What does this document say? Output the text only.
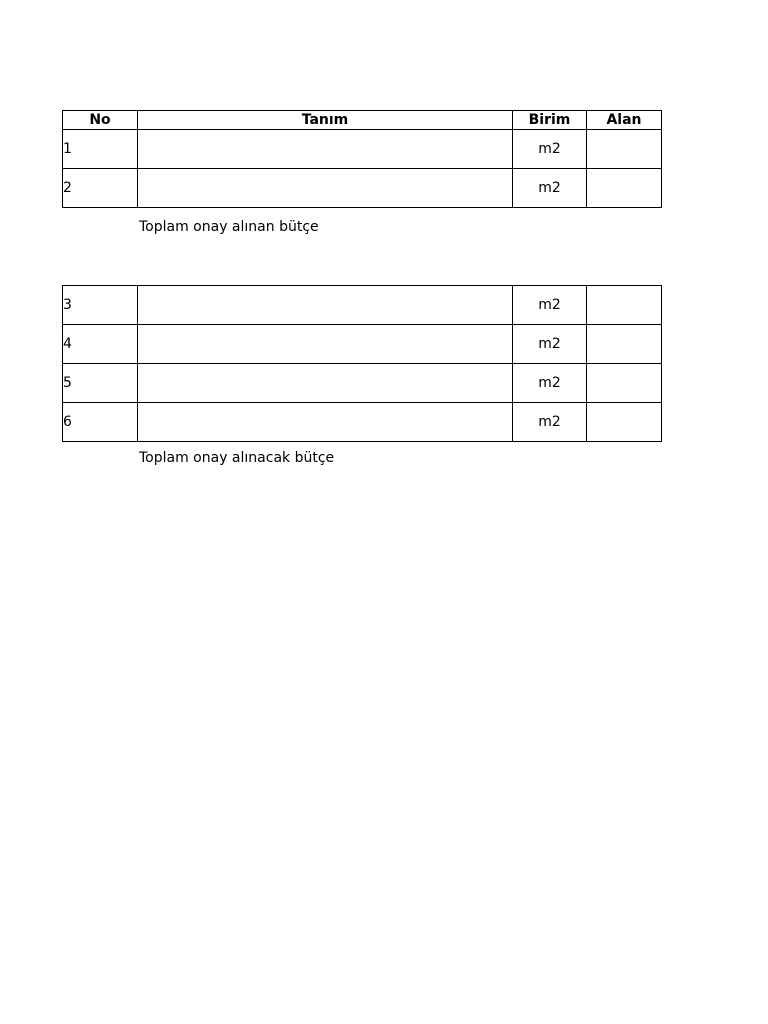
No	Tanım	Birim	Alan
1		m2	
2		m2	
Toplam onay alınan bütçe
3		m2	
4		m2	
5		m2	
6		m2	
Toplam onay alınacak bütçe
